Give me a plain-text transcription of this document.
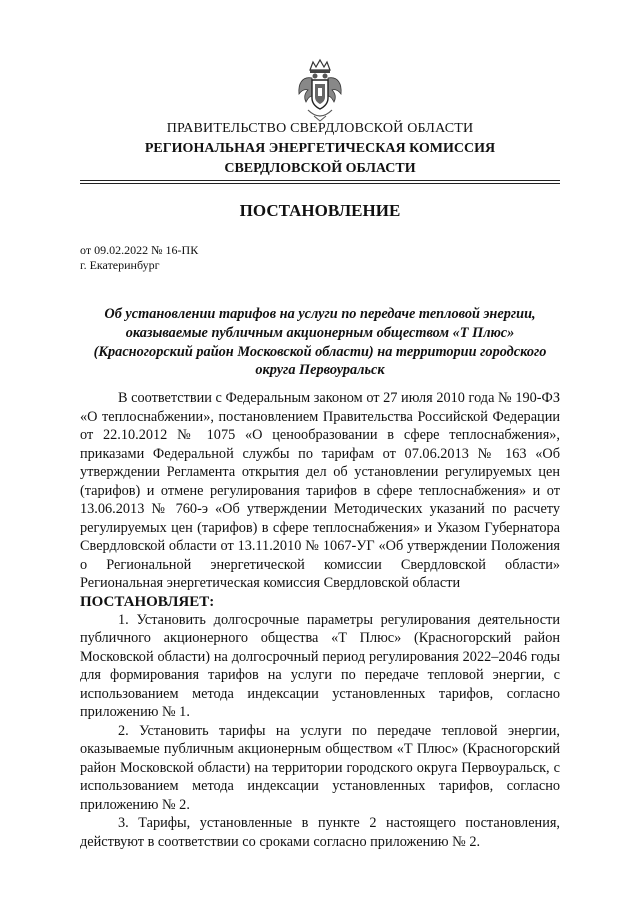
ПРАВИТЕЛЬСТВО СВЕРДЛОВСКОЙ ОБЛАСТИ
РЕГИОНАЛЬНАЯ ЭНЕРГЕТИЧЕСКАЯ КОМИССИЯ
СВЕРДЛОВСКОЙ ОБЛАСТИ
ПОСТАНОВЛЕНИЕ
от 09.02.2022 № 16-ПК
г. Екатеринбург
Об установлении тарифов на услуги по передаче тепловой энергии, оказываемые публичным акционерным обществом «Т Плюс» (Красногорский район Московской области) на территории городского округа Первоуральск

В соответствии с Федеральным законом от 27 июля 2010 года № 190-ФЗ «О теплоснабжении», постановлением Правительства Российской Федерации от 22.10.2012 № 1075 «О ценообразовании в сфере теплоснабжения», приказами Федеральной службы по тарифам от 07.06.2013 № 163 «Об утверждении Регламента открытия дел об установлении регулируемых цен (тарифов) и отмене регулирования тарифов в сфере теплоснабжения» и от 13.06.2013 № 760-э «Об утверждении Методических указаний по расчету регулируемых цен (тарифов) в сфере теплоснабжения» и Указом Губернатора Свердловской области от 13.11.2010 № 1067-УГ «Об утверждении Положения о Региональной энергетической комиссии Свердловской области» Региональная энергетическая комиссия Свердловской области

ПОСТАНОВЛЯЕТ:

1. Установить долгосрочные параметры регулирования деятельности публичного акционерного общества «Т Плюс» (Красногорский район Московской области) на долгосрочный период регулирования 2022–2046 годы для формирования тарифов на услуги по передаче тепловой энергии, с использованием метода индексации установленных тарифов, согласно приложению № 1.

2. Установить тарифы на услуги по передаче тепловой энергии, оказываемые публичным акционерным обществом «Т Плюс» (Красногорский район Московской области) на территории городского округа Первоуральск, с использованием метода индексации установленных тарифов, согласно приложению № 2.

3. Тарифы, установленные в пункте 2 настоящего постановления, действуют в соответствии со сроками согласно приложению № 2.
